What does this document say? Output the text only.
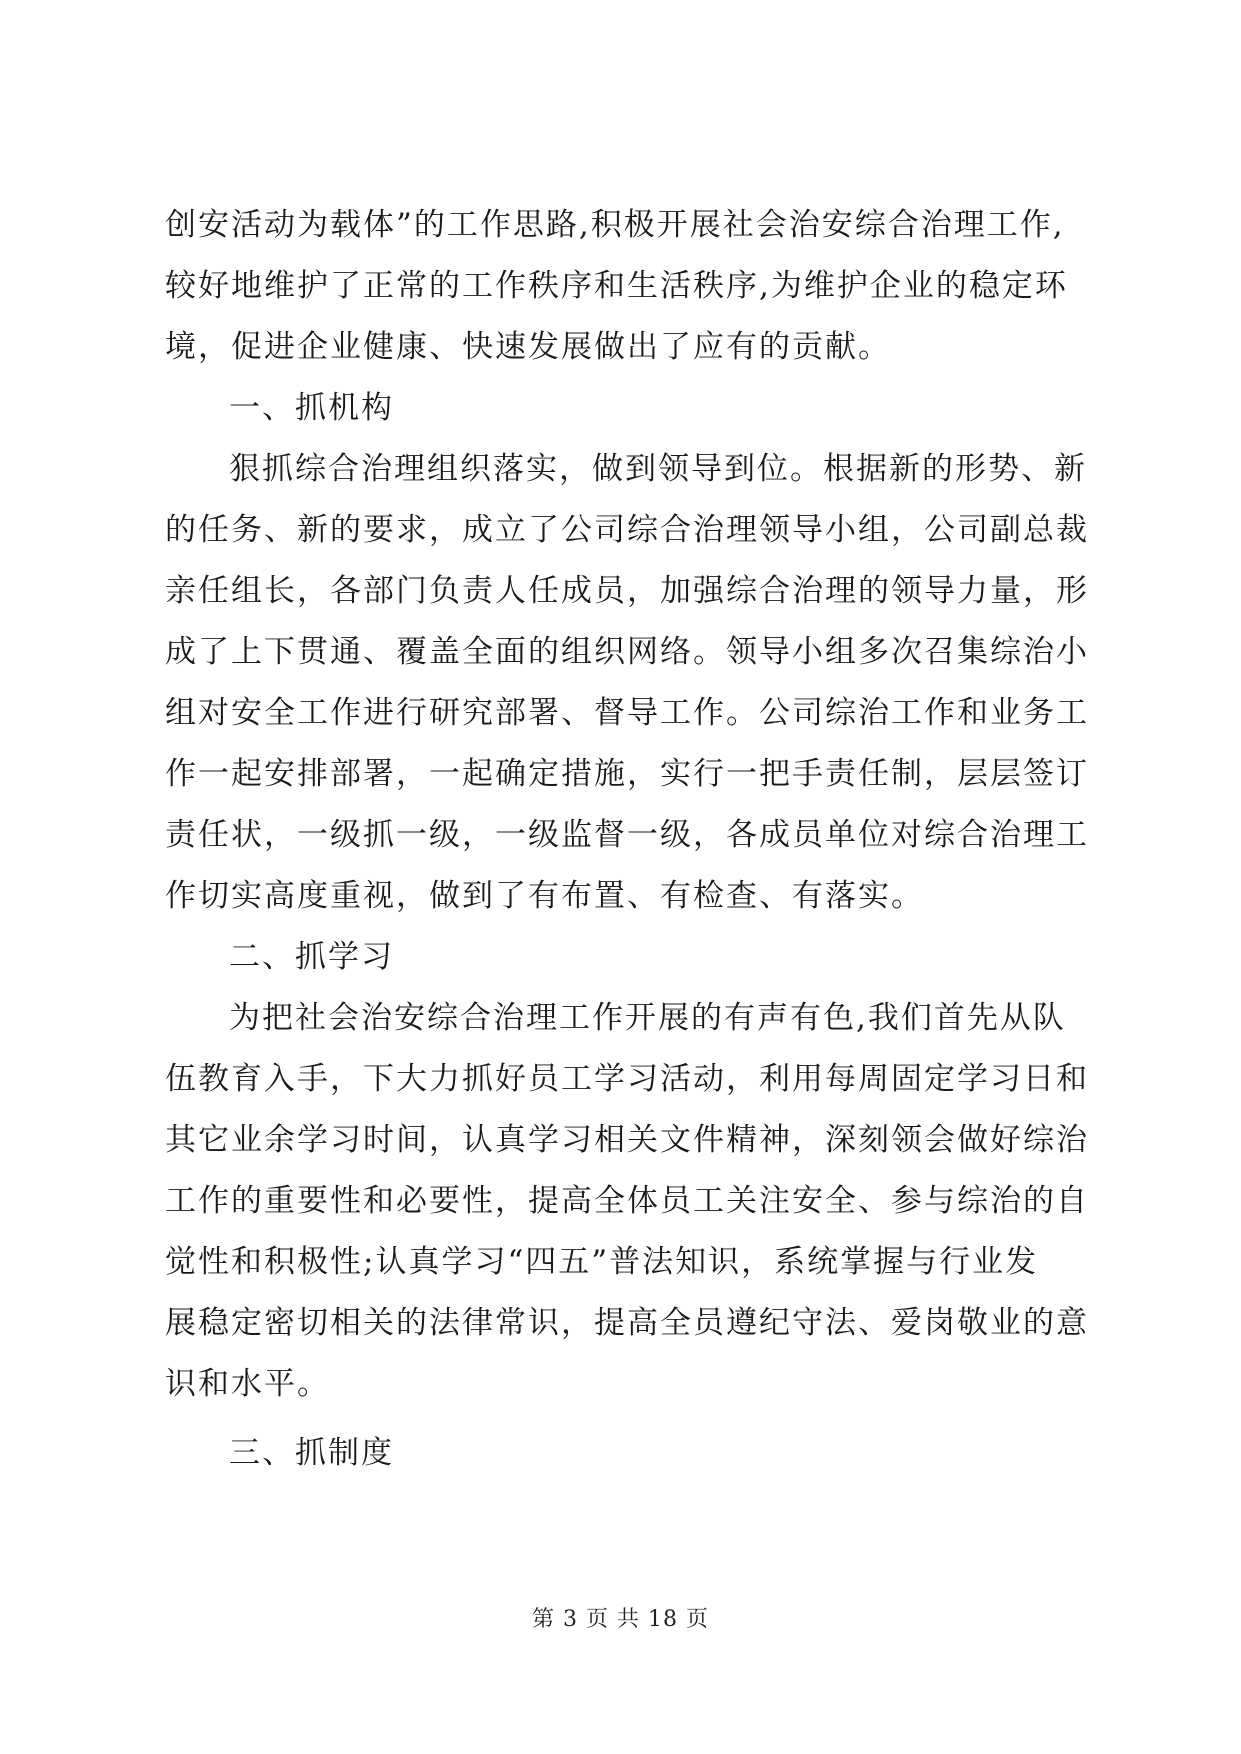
创安活动为载体”的工作思路,积极开展社会治安综合治理工作,
较好地维护了正常的工作秩序和生活秩序,为维护企业的稳定环
境，促进企业健康、快速发展做出了应有的贡献。
一、抓机构
狠抓综合治理组织落实，做到领导到位。根据新的形势、新
的任务、新的要求，成立了公司综合治理领导小组，公司副总裁
亲任组长，各部门负责人任成员，加强综合治理的领导力量，形
成了上下贯通、覆盖全面的组织网络。领导小组多次召集综治小
组对安全工作进行研究部署、督导工作。公司综治工作和业务工
作一起安排部署，一起确定措施，实行一把手责任制，层层签订
责任状，一级抓一级，一级监督一级，各成员单位对综合治理工
作切实高度重视，做到了有布置、有检查、有落实。
二、抓学习
为把社会治安综合治理工作开展的有声有色,我们首先从队
伍教育入手，下大力抓好员工学习活动，利用每周固定学习日和
其它业余学习时间，认真学习相关文件精神，深刻领会做好综治
工作的重要性和必要性，提高全体员工关注安全、参与综治的自
觉性和积极性;认真学习“四五”普法知识，系统掌握与行业发
展稳定密切相关的法律常识，提高全员遵纪守法、爱岗敬业的意
识和水平。
三、抓制度
第 3 页 共 18 页
